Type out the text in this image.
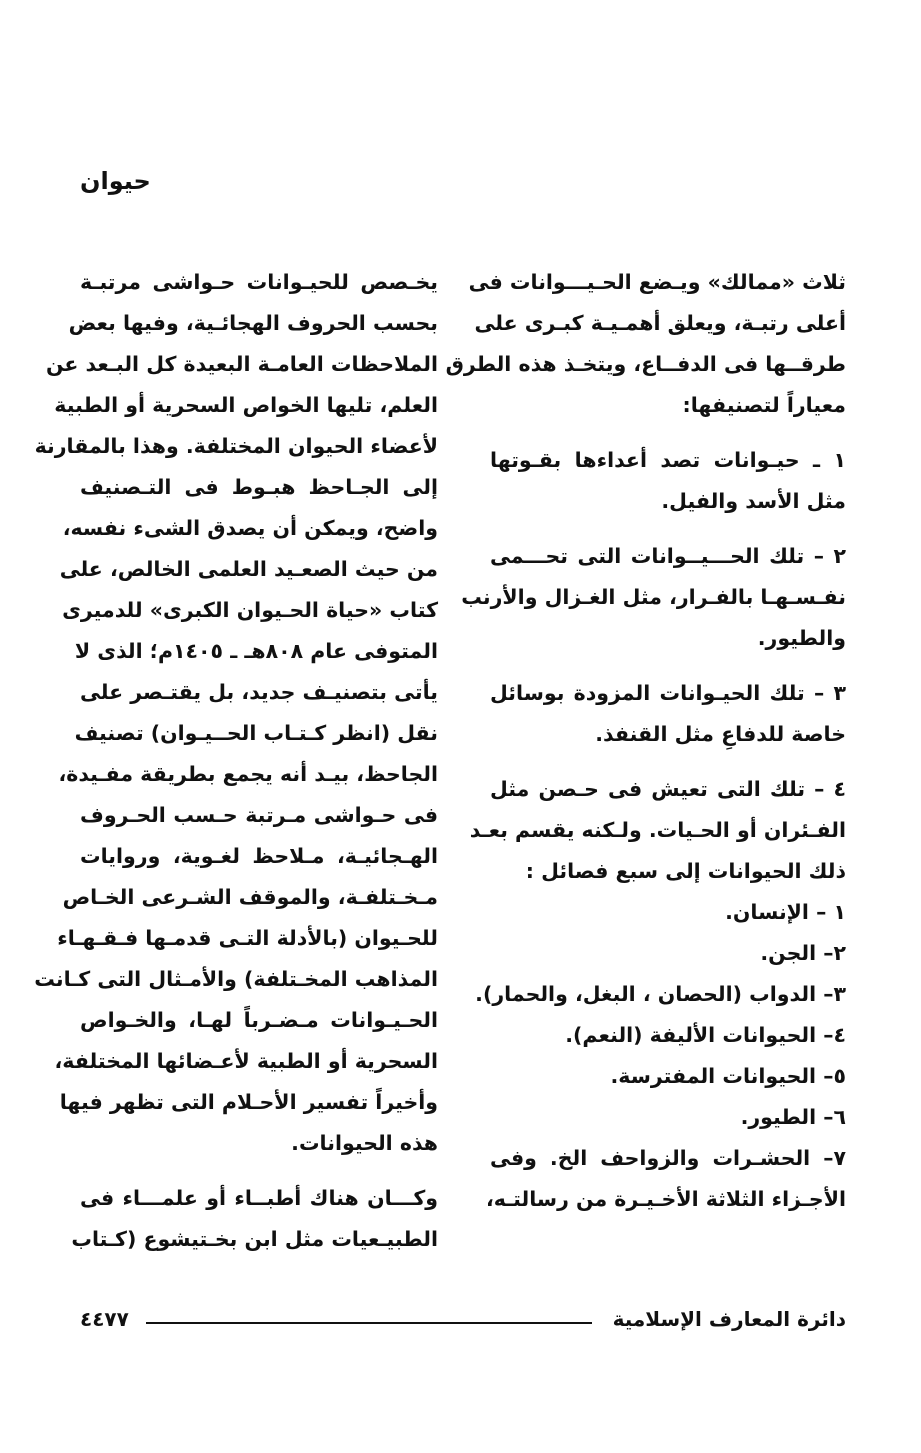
حيوان
ثلاث «ممالك» ويـضع الحـيـــوانات فى
أعلى رتبـة، ويعلق أهمـيـة كبـرى على
طرقــها فى الدفــاع، ويتخـذ هذه الطرق
معياراً لتصنيفها:
١ ـ حيـوانات تصد أعداءها بقـوتها
مثل الأسد والفيل.
٢ – تلك الحـــيــوانات التى تحـــمى
نفـسـهـا بالفـرار، مثل الغـزال والأرنب
والطيور.
٣ – تلك الحيـوانات المزودة بوسائل
خاصة للدفاعِ مثل القنفذ.
٤ – تلك التى تعيش فى حـصن مثل
الفـئران أو الحـيات. ولـكنه يقسم بعـد
ذلك الحيوانات إلى سبع فصائل :
١ – الإنسان.
٢– الجن.
٣– الدواب (الحصان ، البغل، والحمار).
٤– الحيوانات الأليفة (النعم).
٥– الحيوانات المفترسة.
٦– الطيور.
٧– الحشـرات والزواحف الخ. وفى
الأجـزاء الثلاثة الأخـيـرة من رسالتـه،
يخـصص للحيـوانات حـواشى مرتبـة
بحسب الحروف الهجائـية، وفيها بعض
الملاحظات العامـة البعيدة كل البـعد عن
العلم، تليها الخواص السحرية أو الطبية
لأعضاء الحيوان المختلفة. وهذا بالمقارنة
إلى الجـاحظ هبـوط فى التـصنيف
واضح، ويمكن أن يصدق الشىء نفسه،
من حيث الصعـيد العلمى الخالص، على
كتاب «حياة الحـيوان الكبرى» للدميرى
المتوفى عام ٨٠٨هـ ـ ١٤٠٥م؛ الذى لا
يأتى بتصنيـف جديد، بل يقتـصر على
نقل (انظر كـتـاب الحــيـوان) تصنيف
الجاحظ، بيـد أنه يجمع بطريقة مفـيدة،
فى حـواشى مـرتبة حـسب الحـروف
الهـجائيـة، مـلاحظ لغـوية، وروايات
مـخـتلفـة، والموقف الشـرعى الخـاص
للحـيوان (بالأدلة التـى قدمـها فـقـهـاء
المذاهب المخـتلفة) والأمـثال التى كـانت
الحـيـوانات مـضـرباً لهـا، والخـواص
السحرية أو الطبية لأعـضائها المختلفة،
وأخيراً تفسير الأحـلام التى تظهر فيها
هذه الحيوانات.
وكـــان هناك أطبــاء أو علمـــاء فى
الطبيـعيات مثل ابن بخـتيشوع (كـتاب
دائرة المعارف الإسلامية
٤٤٧٧
